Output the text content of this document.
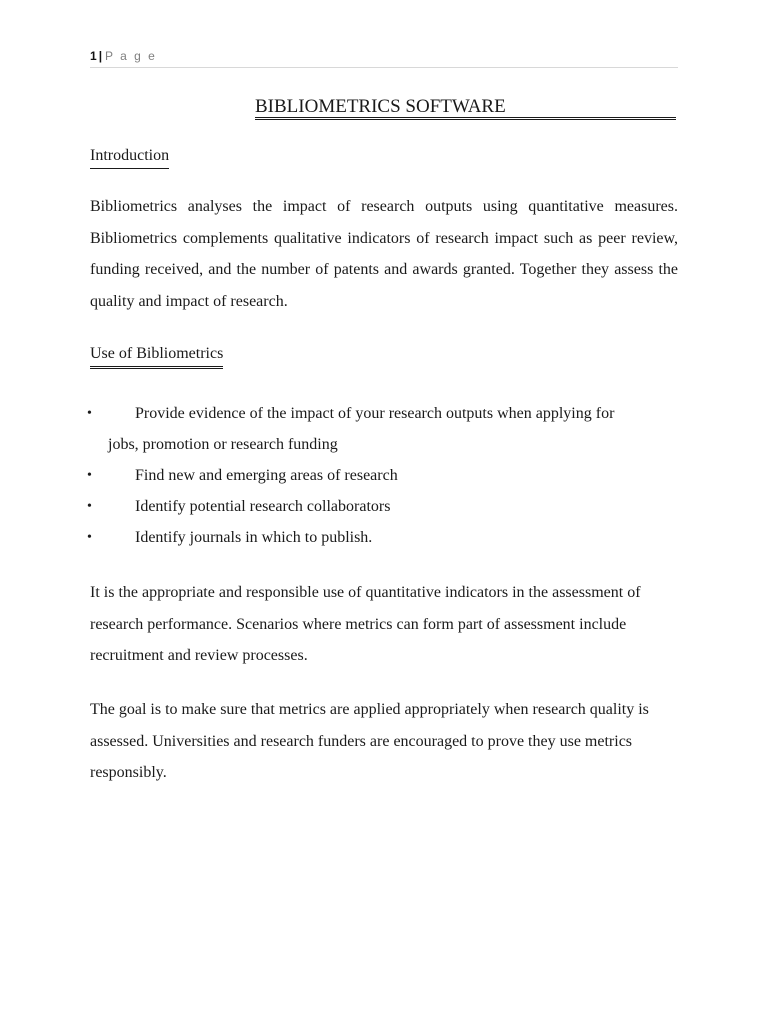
1 | P a g e
BIBLIOMETRICS SOFTWARE
Introduction

Bibliometrics analyses the impact of research outputs using quantitative measures. Bibliometrics complements qualitative indicators of research impact such as peer review, funding received, and the number of patents and awards granted. Together they assess the quality and impact of research.

Use of Bibliometrics
•	Provide evidence of the impact of your research outputs when applying for
jobs, promotion or research funding
•	Find new and emerging areas of research
•	Identify potential research collaborators
•	Identify journals in which to publish.

It is the appropriate and responsible use of quantitative indicators in the assessment of research performance. Scenarios where metrics can form part of assessment include recruitment and review processes.

The goal is to make sure that metrics are applied appropriately when research quality is assessed. Universities and research funders are encouraged to prove they use metrics responsibly.
